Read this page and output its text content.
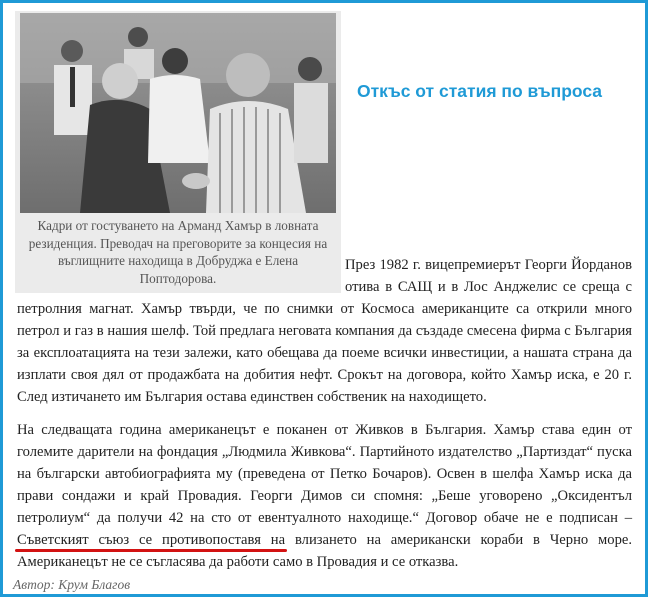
Кадри от гостуването на Арманд Хамър в ловната резиденция. Преводач на преговорите за концесия на въглищните находища в Добруджа е Елена Поптодорова.
Откъс от статия по въпроса
През 1982 г. вицепремиерът Георги Йорданов
отива в САЩ и в Лос Анджелис се среща с
петролния магнат. Хамър твърди, че по снимки от Космоса американците са открили много петрол и газ в нашия шелф. Той предлага неговата компания да създаде смесена фирма с България за експлоатацията на тези залежи, като обещава да поеме всички инвестиции, а нашата страна да изплати своя дял от продажбата на добития нефт. Срокът на договора, който Хамър иска, е 20 г. След изтичането им България остава единствен собственик на находището.
На следващата година американецът е поканен от Живков в България. Хамър става един от големите дарители на фондация „Людмила Живкова“. Партийното издателство „Партиздат“ пуска на български автобиографията му (преведена от Петко Бочаров). Освен в шелфа Хамър иска да прави сондажи и край Провадия. Георги Димов си спомня: „Беше уговорено „Оксидентъл петролиум“ да получи 42 на сто от евентуалното находище.“ Договор обаче не е подписан – Съветският съюз се противопоставя на
влизането на американски кораби в Черно море. Американецът не се съгласява да работи само в Провадия и се отказва.
Автор: Крум Благов
